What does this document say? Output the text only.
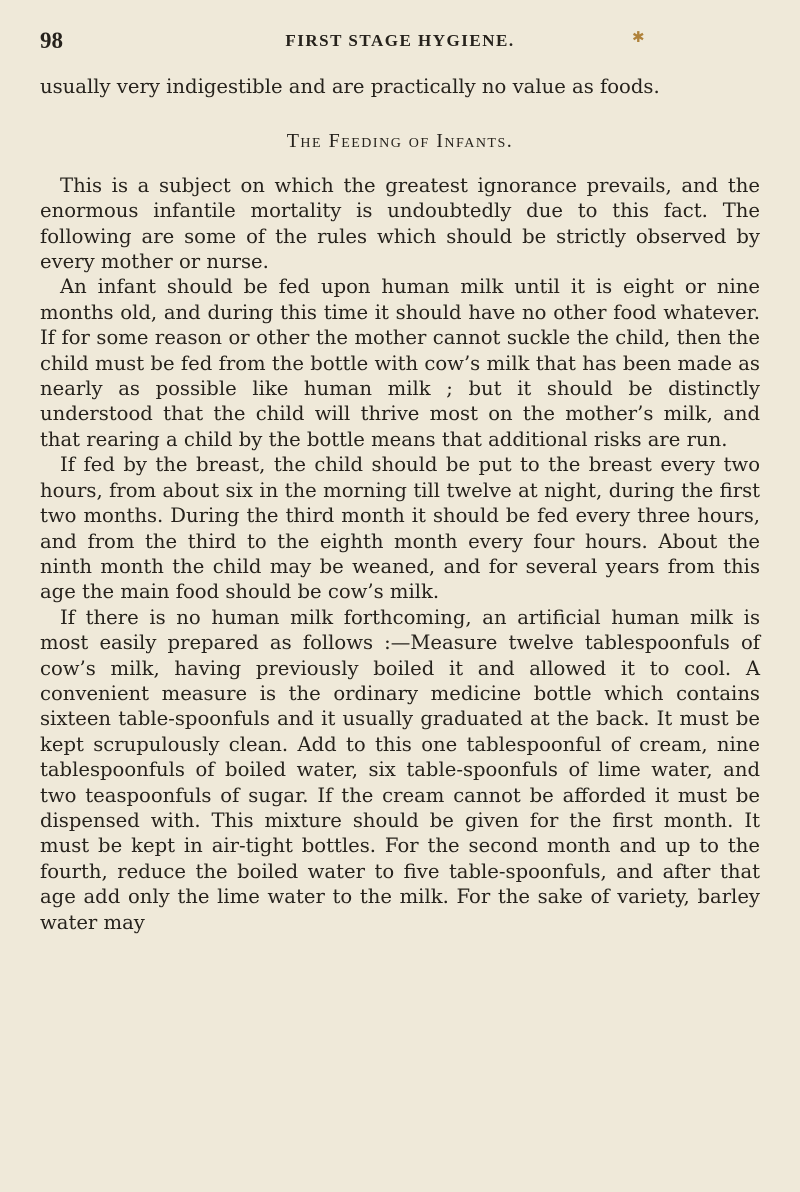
98	FIRST STAGE HYGIENE.	✱

usually very indigestible and are practically no value as foods.

The Feeding of Infants.

This is a subject on which the greatest ignorance prevails, and the enormous infantile mortality is undoubtedly due to this fact. The following are some of the rules which should be strictly observed by every mother or nurse.

An infant should be fed upon human milk until it is eight or nine months old, and during this time it should have no other food whatever. If for some reason or other the mother cannot suckle the child, then the child must be fed from the bottle with cow’s milk that has been made as nearly as possible like human milk ; but it should be distinctly understood that the child will thrive most on the mother’s milk, and that rearing a child by the bottle means that additional risks are run.

If fed by the breast, the child should be put to the breast every two hours, from about six in the morning till twelve at night, during the first two months. During the third month it should be fed every three hours, and from the third to the eighth month every four hours. About the ninth month the child may be weaned, and for several years from this age the main food should be cow’s milk.

If there is no human milk forthcoming, an artificial human milk is most easily prepared as follows :—Measure twelve tablespoonfuls of cow’s milk, having previously boiled it and allowed it to cool. A convenient measure is the ordinary medicine bottle which contains sixteen table-spoonfuls and it usually graduated at the back. It must be kept scrupulously clean. Add to this one tablespoonful of cream, nine tablespoonfuls of boiled water, six table-spoonfuls of lime water, and two teaspoonfuls of sugar. If the cream cannot be afforded it must be dispensed with. This mixture should be given for the first month. It must be kept in air-tight bottles. For the second month and up to the fourth, reduce the boiled water to five table-spoonfuls, and after that age add only the lime water to the milk. For the sake of variety, barley water may
